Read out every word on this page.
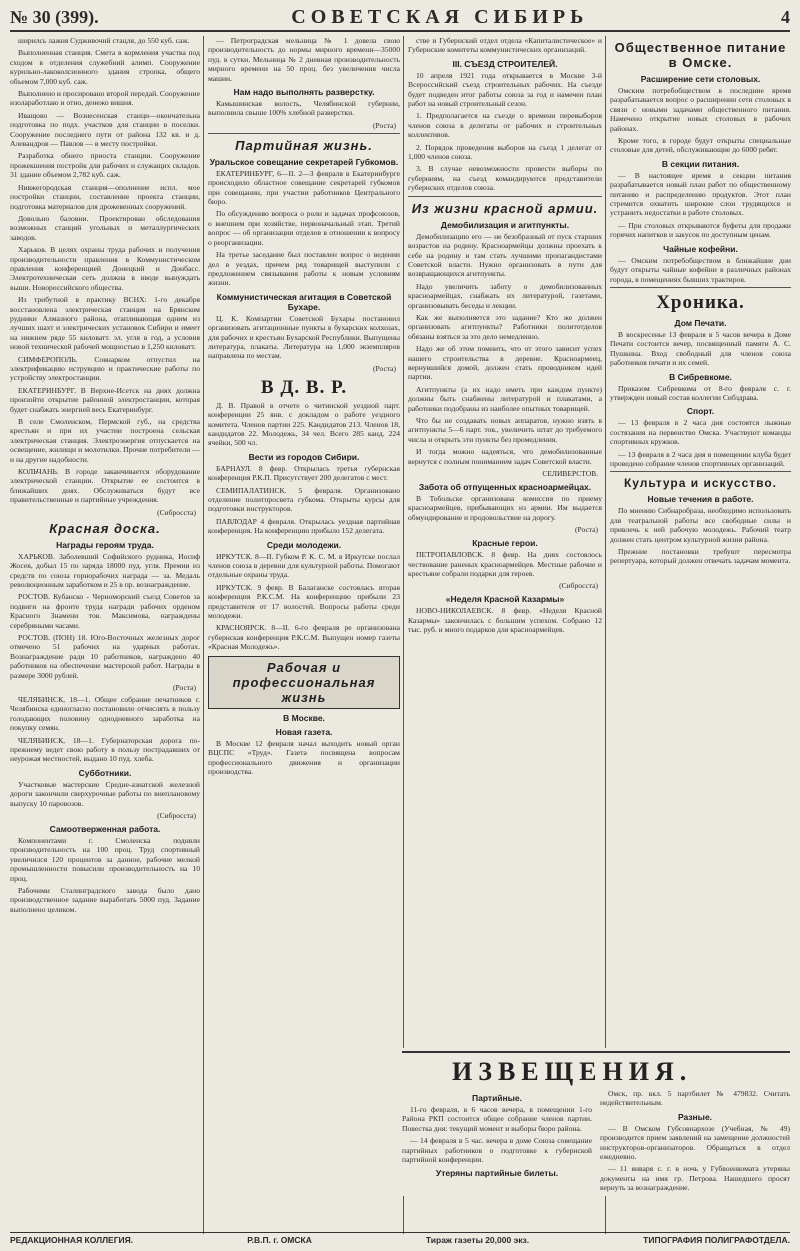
№ 30 (399).	СОВЕТСКАЯ СИБИРЬ	4

ширилсь лажня Судживочнй стацля, до 550 куб. саж.

Выполненная станция. Смета в кормления участва под сходом в отделения служебний алимп. Сооружение курильно-лакоколсионного здания стропка, общего объемом 7,000 куб. саж.

Выполнено и просировано второй передай. Сооружение изолаработлаю и отно, денежо вишня.

Иващово — Вознесенская станци—окончательна подготовка по подх. участков для станции в поселки. Сооружение последнего пути от района 132 кв. и д. Алевандров — Павлов — в месту постройки.

Разработка обнего приоста станции. Сооружение прожекшения постройк для рабочих и служащих складов. 31 здание объемом 2,782 куб. саж.

Нивжегородская станция—ополнение испл. мое постройки станции, составление проекта станции, подготовка материалов для дрожевенных сооружений.

Довольно баловни. Проектирован обследования возможных станций угольных и металлургических заводов.

Харьков. В целях охраны труда рабочих и получения производительности правления в Коммунистическом правления конференцией Донецкий и Донбасс. Электротехническая сеть должна в вводе вынуждать выши. Новороссийского общества.

Из трибутной в практику ВСНХ: 1-го декабря восстановлена электрическая станция на Брянском рудники Алмазного района, отапливающая одним из лучших шахт и электрических установок Сибири и имеет на нижнем ряде 55 киловатт. эл. угля в год, а условия новой технической рабочей мощностью в 1,250 киловатт.

СИМФЕРОПОЛЬ. Совнарком отпустил на электрификацию иструвцию и практические работы по устройству электростанции.

ЕКАТЕРИНБУРГ. В Верхне-Исетск на днях должна произойти открытие районной электростанции, которая будет снабжать энергией весь Екатеринбург.

В селе Смоленском, Пермской губ., на средства крестьян и при их участии построена сельская электрическая станция. Электроэнергия отпускается на освещение, жилищи и молотилки. Прочие потребители — и на другие надобности.

КОЛЬЧАНЬ. В городе заканчивается оборудование электрической станции. Открытие ее состоится в ближайших днях. Обслуживаться будут все правительственные и партийные учреждения.

(Сибросста)
Красная доска.
Награды героям труда.

ХАРЬКОВ. Заболевший Софийского рудника, Иосиф Жосев, добыл 15 по заряда 18000 пуд. угля. Премии из средств по союза горнорабочих награда — за. Медаль революционным заработком и 25 в пр. вознаграждение.

РОСТОВ. Кубанско - Черноморский съезд Советов за подвиги на фронте труда награди рабочих орденом Красного Знамени тов. Максимова, награждены серебряными часами.

РОСТОВ. (ПОН) 18. Юго-Восточных железных дорог отмечено 51 рабочих на ударных работах. Вознаграждение ради 10 работников, награждено 40 работников на обеспечение мастерской работ. Награды в размере 3000 рублей.

(Роста)

ЧЕЛЯБИНСК, 18—1. Общее собрание печатников г. Челябинска единогласно постановило отчислять в пользу голодающих половину однодневного заработка на покупку семян.

ЧЕЛЯБИНСК, 18—1. Губернаторская дорога по-прежнему ведет свою работу в пользу пострадавших от неурожая местностей, выдано 10 пуд. хлеба.

Субботники.

Участковые мастерские Средне-азиатской железной дороги закончили сверхурочные работы по внеплановому выпуску 10 паровозов.

(Сибросста)
Самоотверженная работа.

Компонентами г. Смоленска подняли производительность на 100 проц. Труд спортивный увеличился 120 процентов за данное, рабочие мелкой промышленности повысили производительность на 10 проц.

Рабочими Сталинградского завода было дано производственное задание выработать 5000 пуд. Задание выполнено целиком.

— Петроградская мельница № 1 довела свою производительность до нормы мирного времени—35000 пуд. в сутки. Мельница № 2 дневная производительность мирного времени на 50 проц. без увеличения числа машин.

Нам надо выполнять разверстку.

Камышинская волость, Челябинской губернии, выполнила свыше 100% хлебной разверстки.

(Роста)
Партийная жизнь.
Уральское совещание секретарей Губкомов.

ЕКАТЕРИНБУРГ, 6—II. 2—3 февраля в Екатеринбурге происходило областное совещание секретарей губкомов при совещании, при участии работников Центрального бюро.

По обсуждению вопроса о роли и задачах профсоюзов, о внешнем при хозяйстве, первоначальный этап. Третий вопрос — об организации отделов в отношении к вопросу о реорганизации.

На третье заседание был поставлен вопрос о ведении дел в уездах, причем ряд товарищей выступили с предложением связывания работы к новым условиям жизни.

Коммунистическая агитация в Советской Бухаре.

Ц. К. Компартии Советской Бухары постановил организовать агитационные пункты в бухарских колхозах, для рабочих и крестьян Бухарской Республики. Выпущены литература, плакаты. Литература на 1,000 экземпляров направлена по местам.

(Роста)
В Д. В. Р.

Д. В. Правой в отчете о читинской уездной парт. конференции 25 янв. с докладом о работе уездного комитета. Членов партии 225. Кандидатов 213. Членов 18, кандидатов 22. Молодежь, 34 чел. Всего 285 канд. 224 ячейки, 500 чл.

Вести из городов Сибири.

БАРНАУЛ. 8 февр. Открылась третья губернская конференция Р.К.П. Присутствует 200 делегатов с мест.

СЕМИПАЛАТИНСК. 5 февраля. Организовано отделение политпросвета губкома. Открыты курсы для подготовки инструкторов.

ПАВЛОДАР 4 февраля. Открылась уездная партийная конференция. На конференцию прибыло 152 делегата.

Среди молодежи.

ИРКУТСК. 8—II. Губком Р. К. С. М. в Иркутске послал членов союза в деревни для культурной работы. Помогают отдельные охраны труда.

ИРКУТСК. 9 февр. В Балаганске состоялась вторая конференция Р.К.С.М. На конференцию прибыли 23 представителя от 17 волостей. Вопросы работы среди молодежи.

КРАСНОЯРСК. 8—II. 6-го февраля ре организована губернская конференция Р.К.С.М. Выпущен номер газеты «Красная Молодежь».

Рабочая и профессиональная жизнь
В Москве.
Новая газета.

В Москве 12 февраля начал выходить новый орган ВЦСПС «Труд». Газета посвящена вопросам профессионального движения и организации производства.

стве и Губернский отдел отдела «Капиталистическое» и Губернские комитеты коммунистических организаций.

III. СЪЕЗД СТРОИТЕЛЕЙ.

10 апреля 1921 года открывается в Москве 3-й Всероссийский съезд строительных рабочих. На съезде будет подведен итог работы союза за год и намечен план работ на новый строительный сезон.

1. Предполагается на съезде о времени перевыборов членов союза в делегаты от рабочих и строительных коллективов.

2. Порядок проведения выборов на съезд 1 делегат от 1,000 членов союза.

3. В случае невозможности провести выборы по губерниям, на съезд командируются представители губернских отделов союза.

Из жизни красной армии.
Демобилизация и агитпункты.

Демобилизацию его — не безобразный от пуск старших возрастов на родину. Красноармейцы должны проехать к себе на родину и там стать лучшими пропагандистами Советской власти. Нужно организовать в пути для возвращающихся агитпункты.

Надо увеличить заботу о демобилизованных красноармейцах, снабжать их литературой, газетами, организовывать беседы и лекции.

Как же выполняется это задание? Кто же должен организовать агитпункты? Работники политотделов обязаны взяться за это дело немедленно.

Надо же об этом помнить, что от этого зависит успех нашего строительства в деревне. Красноармеец, вернувшийся домой, должен стать проводником идей партии.

Агитпункты (а их надо иметь при каждом пункте) должны быть снабжены литературой и плакатами, а работники подобраны из наиболее опытных товарищей.

Что бы не создавать новых аппаратов, нужно взять в агитпункты 5—6 парт. тов., увеличить штат до требуемого числа и открыть эти пункты без промедления.

И тогда можно надеяться, что демобилизованные вернутся с полным пониманием задач Советской власти.

СЕЛИВЕРСТОВ.
Забота об отпущенных красноармейцах.

В Тобольске организована комиссия по приему красноармейцев, прибывающих из армии. Им выдается обмундирование и продовольствие на дорогу.

(Роста)
Красные герои.

ПЕТРОПАВЛОВСК. 8 февр. На днях состоялось чествование раненых красноармейцев. Местные рабочие и крестьяне собрали подарки для героев.

(Сибросста)
«Неделя Красной Казармы»

НОВО-НИКОЛАЕВСК. 8 февр. «Неделя Красной Казармы» закончилась с большим успехом. Собрано 12 тыс. руб. и много подарков для красноармейцев.

Общественное питание в Омске.
Расширение сети столовых.

Омским потребобществом в последние время разрабатывается вопрос о расширении сети столовых в связи с новыми задачами общественного питания. Намечено открытие новых столовых в рабочих районах.

Кроме того, в городе будут открыты специальные столовые для детей, обслуживающие до 6000 ребят.

В секции питания.

— В настоящее время в секции питания разрабатывается новый план работ по общественному питанию и распределению продуктов. Этот план стремится охватить широкие слои трудящихся и устранить недостатки в работе столовых.

— При столовых открываются буфеты для продажи горячих напитков и закусок по доступным ценам.

Чайные кофейни.

— Омским потребобществом в ближайшие дни будут открыты чайные кофейни в различных районах города, в помещениях бывших трактиров.

Хроника.
Дом Печати.

В воскресенье 13 февраля в 5 часов вечера в Доме Печати состоится вечер, посвященный памяти А. С. Пушкина. Вход свободный для членов союза работников печати и их семей.

В Сибревкоме.

Приказом Сибревкома от 8-го февраля с. г. утвержден новый состав коллегии Сибздрава.

Спорт.

— 13 февраля в 2 часа дня состоятся лыжные состязания на первенство Омска. Участвуют команды спортивных кружков.

— 13 февраля в 2 часа дня в помещении клуба будет проведено собрание членов спортивных организаций.

Культура и искусство.
Новые течения в работе.

По мнению Сибнаробраза, необходимо использовать для театральной работы все свободные силы и привлечь к ней рабочую молодежь. Рабочий театр должен стать центром культурной жизни района.

Прежние постановки требуют пересмотра репертуара, который должен отвечать задачам момента.

ИЗВЕЩЕНИЯ.
Партийные.

11-го февраля, в 6 часов вечера, в помещении 1-го Района РКП состоится общее собрание членов партии. Повестка дня: текущий момент и выборы бюро района.

— 14 февраля в 5 час. вечера в доме Союза совещание партийных работников о подготовке к губернской партийной конференции.

Утеряны партийные билеты.

Омск, пр. вкл. 5 партбилет № 479832. Считать недействительным.

Разные.

— В Омском Губсовнархозе (Учебная, № 49) производится прием заявлений на замещение должностей инструкторов-организаторов. Обращаться в отдел ежедневно.

— 11 января с. г. в ночь у Губвоенкомата утеряны документы на имя гр. Петрова. Нашедшего просят вернуть за вознаграждение.

РЕДАКЦИОННАЯ КОЛЛЕГИЯ.	Р.В.П. г. ОМСКА	Тираж газеты 20,000 экз.	ТИПОГРАФИЯ ПОЛИГРАФОТДЕЛА.
